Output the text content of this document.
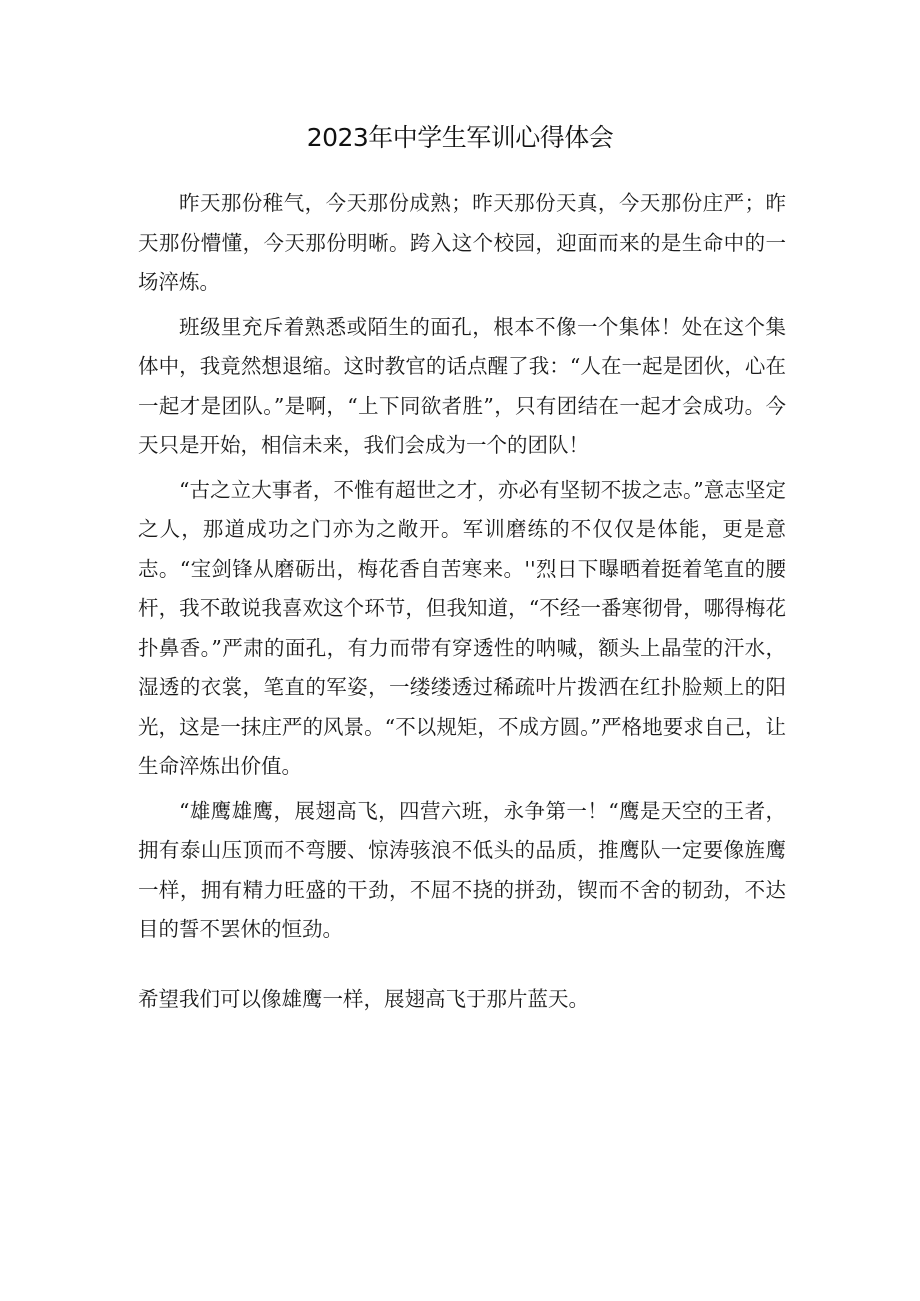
2023年中学生军训心得体会

昨天那份稚气，今天那份成熟；昨天那份天真，今天那份庄严；昨天那份懵懂，今天那份明晰。跨入这个校园，迎面而来的是生命中的一场淬炼。

班级里充斥着熟悉或陌生的面孔，根本不像一个集体！处在这个集体中，我竟然想退缩。这时教官的话点醒了我：“人在一起是团伙，心在一起才是团队。”是啊，“上下同欲者胜”，只有团结在一起才会成功。今天只是开始，相信未来，我们会成为一个的团队！

“古之立大事者，不惟有超世之才，亦必有坚韧不拔之志。”意志坚定之人，那道成功之门亦为之敞开。军训磨练的不仅仅是体能，更是意志。“宝剑锋从磨砺出，梅花香自苦寒来。''烈日下曝晒着挺着笔直的腰杆，我不敢说我喜欢这个环节，但我知道，“不经一番寒彻骨，哪得梅花扑鼻香。”严肃的面孔，有力而带有穿透性的呐喊，额头上晶莹的汗水，湿透的衣裳，笔直的军姿，一缕缕透过稀疏叶片拨洒在红扑脸颊上的阳光，这是一抹庄严的风景。“不以规矩，不成方圆。”严格地要求自己，让生命淬炼出价值。

“雄鹰雄鹰，展翅高飞，四营六班，永争第一！“鹰是天空的王者，拥有泰山压顶而不弯腰、惊涛骇浪不低头的品质，推鹰队一定要像旌鹰一样，拥有精力旺盛的干劲，不屈不挠的拼劲，锲而不舍的韧劲，不达目的誓不罢休的恒劲。

希望我们可以像雄鹰一样，展翅高飞于那片蓝天。
